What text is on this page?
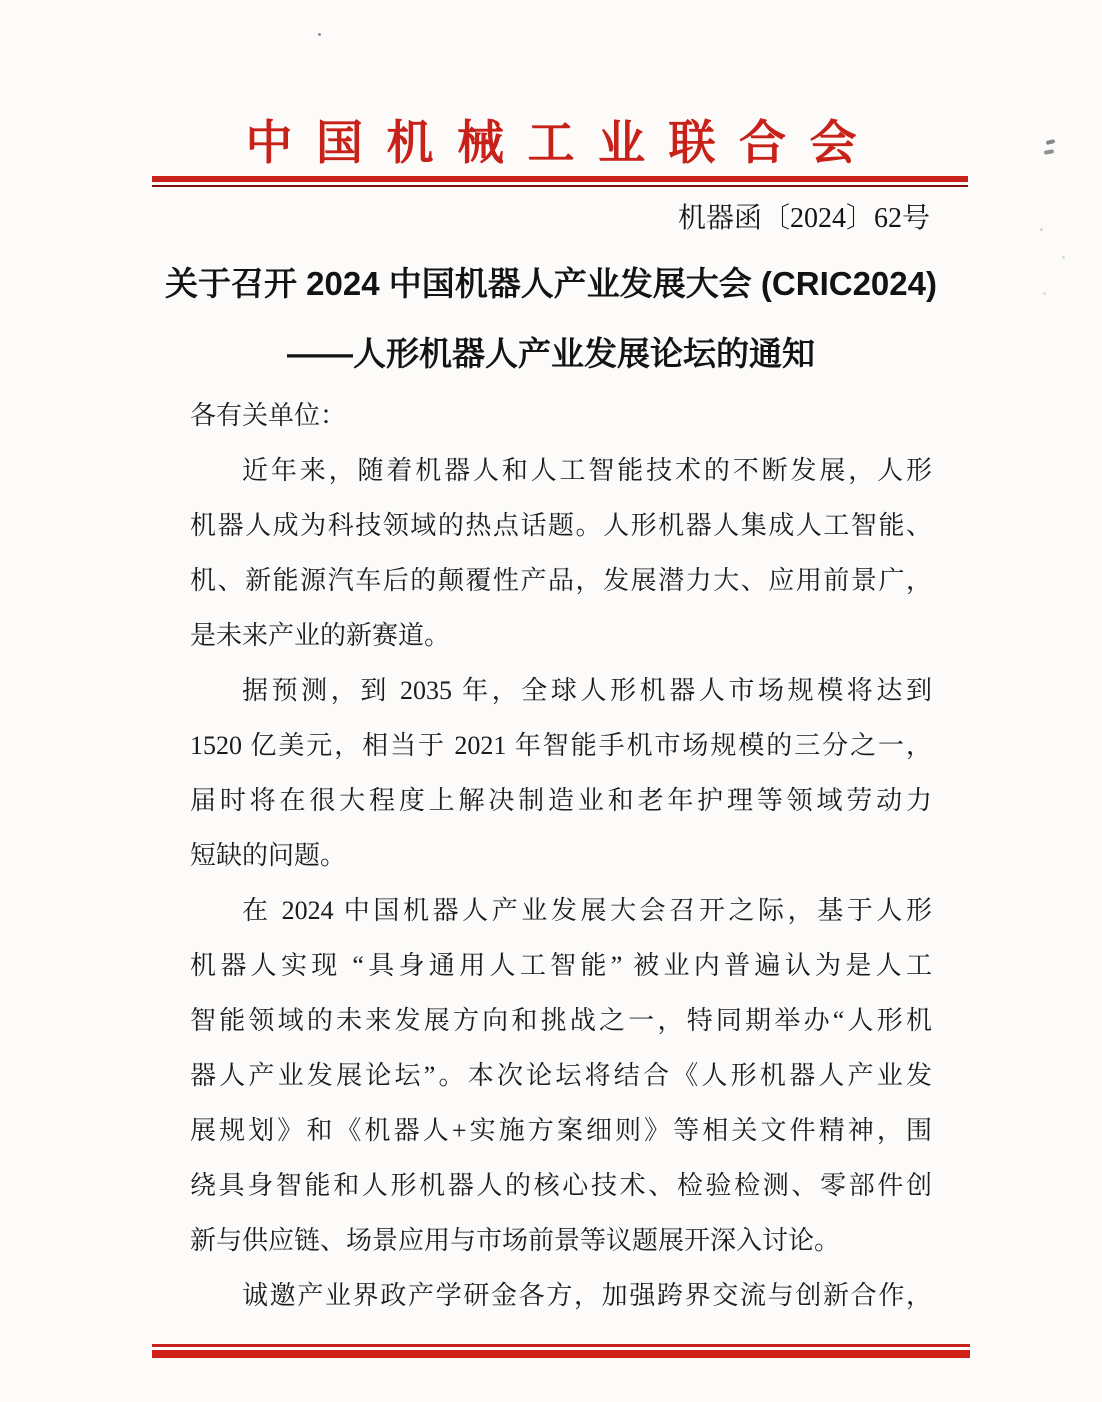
中国机械工业联合会
机器函〔2024〕62号
关于召开 2024 中国机器人产业发展大会 (CRIC2024)
——人形机器人产业发展论坛的通知
各有关单位：
近年来，随着机器人和人工智能技术的不断发展，人形
机器人成为科技领域的热点话题。人形机器人集成人工智能、
机、新能源汽车后的颠覆性产品，发展潜力大、应用前景广，
是未来产业的新赛道。
据预测，到 2035 年，全球人形机器人市场规模将达到
1520 亿美元，相当于 2021 年智能手机市场规模的三分之一，
届时将在很大程度上解决制造业和老年护理等领域劳动力
短缺的问题。
在 2024 中国机器人产业发展大会召开之际，基于人形
机器人实现 “具身通用人工智能” 被业内普遍认为是人工
智能领域的未来发展方向和挑战之一，特同期举办“人形机
器人产业发展论坛”。本次论坛将结合《人形机器人产业发
展规划》和《机器人+实施方案细则》等相关文件精神，围
绕具身智能和人形机器人的核心技术、检验检测、零部件创
新与供应链、场景应用与市场前景等议题展开深入讨论。
诚邀产业界政产学研金各方，加强跨界交流与创新合作，
